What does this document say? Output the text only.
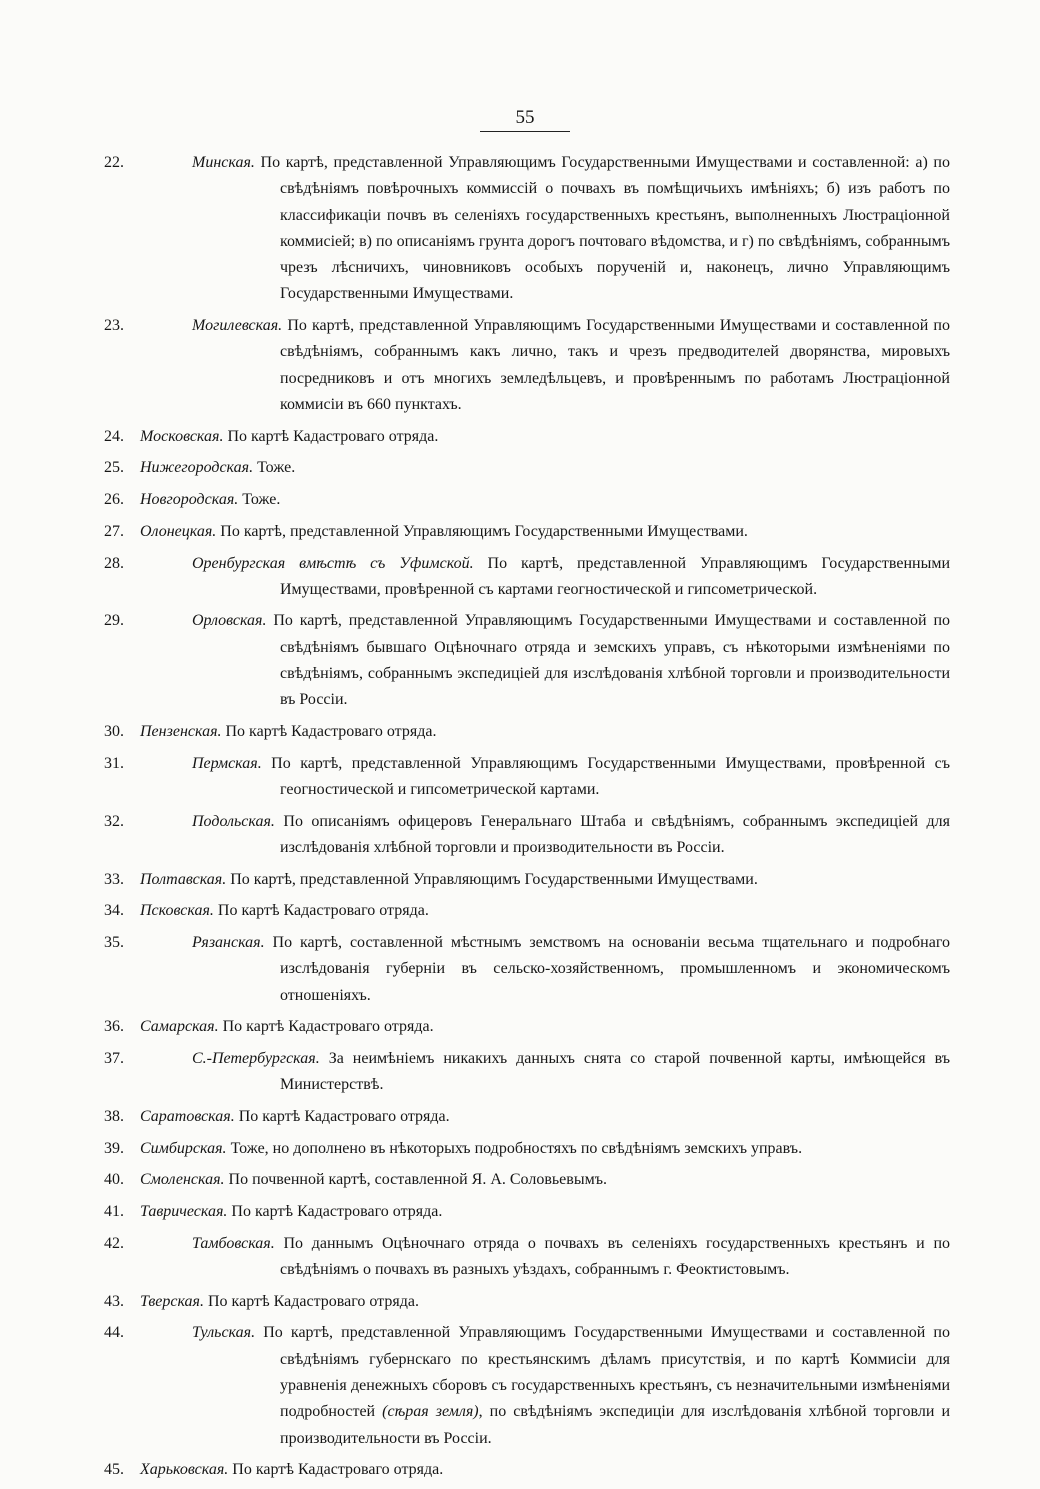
55
22.	Минская. По картѣ, представленной Управляющимъ Государственными Имуществами и составленной: а) по свѣдѣніямъ повѣрочныхъ коммиссій о почвахъ въ помѣщичьихъ имѣніяхъ; б) изъ работъ по классификаціи почвъ въ селеніяхъ государственныхъ крестьянъ, выполненныхъ Люстраціонной коммисіей; в) по описаніямъ грунта дорогъ почтоваго вѣдомства, и г) по свѣдѣніямъ, собраннымъ чрезъ лѣсничихъ, чиновниковъ особыхъ порученій и, наконецъ, лично Управляющимъ Государственными Имуществами.
23.	Могилевская. По картѣ, представленной Управляющимъ Государственными Имуществами и составленной по свѣдѣніямъ, собраннымъ какъ лично, такъ и чрезъ предводителей дворянства, мировыхъ посредниковъ и отъ многихъ земледѣльцевъ, и провѣреннымъ по работамъ Люстраціонной коммисіи въ 660 пунктахъ.
24.	Московская. По картѣ Кадастроваго отряда.
25.	Нижегородская. Тоже.
26.	Новгородская. Тоже.
27.	Олонецкая. По картѣ, представленной Управляющимъ Государственными Имуществами.
28.	Оренбургская вмѣстѣ съ Уфимской. По картѣ, представленной Управляющимъ Государственными Имуществами, провѣренной съ картами геогностической и гипсометрической.
29.	Орловская. По картѣ, представленной Управляющимъ Государственными Имуществами и составленной по свѣдѣніямъ бывшаго Оцѣночнаго отряда и земскихъ управъ, съ нѣкоторыми измѣненіями по свѣдѣніямъ, собраннымъ экспедиціей для изслѣдованія хлѣбной торговли и производительности въ Россіи.
30.	Пензенская. По картѣ Кадастроваго отряда.
31.	Пермская. По картѣ, представленной Управляющимъ Государственными Имуществами, провѣренной съ геогностической и гипсометрической картами.
32.	Подольская. По описаніямъ офицеровъ Генеральнаго Штаба и свѣдѣніямъ, собраннымъ экспедиціей для изслѣдованія хлѣбной торговли и производительности въ Россіи.
33.	Полтавская. По картѣ, представленной Управляющимъ Государственными Имуществами.
34.	Псковская. По картѣ Кадастроваго отряда.
35.	Рязанская. По картѣ, составленной мѣстнымъ земствомъ на основаніи весьма тщательнаго и подробнаго изслѣдованія губерніи въ сельско-хозяйственномъ, промышленномъ и экономическомъ отношеніяхъ.
36.	Самарская. По картѣ Кадастроваго отряда.
37.	С.-Петербургская. За неимѣніемъ никакихъ данныхъ снята со старой почвенной карты, имѣющейся въ Министерствѣ.
38.	Саратовская. По картѣ Кадастроваго отряда.
39.	Симбирская. Тоже, но дополнено въ нѣкоторыхъ подробностяхъ по свѣдѣніямъ земскихъ управъ.
40.	Смоленская. По почвенной картѣ, составленной Я. А. Соловьевымъ.
41.	Таврическая. По картѣ Кадастроваго отряда.
42.	Тамбовская. По даннымъ Оцѣночнаго отряда о почвахъ въ селеніяхъ государственныхъ крестьянъ и по свѣдѣніямъ о почвахъ въ разныхъ уѣздахъ, собраннымъ г. Феоктистовымъ.
43.	Тверская. По картѣ Кадастроваго отряда.
44.	Тульская. По картѣ, представленной Управляющимъ Государственными Имуществами и составленной по свѣдѣніямъ губернскаго по крестьянскимъ дѣламъ присутствія, и по картѣ Коммисіи для уравненія денежныхъ сборовъ съ государственныхъ крестьянъ, съ незначительными измѣненіями подробностей (сѣрая земля), по свѣдѣніямъ экспедиціи для изслѣдованія хлѣбной торговли и производительности въ Россіи.
45.	Харьковская. По картѣ Кадастроваго отряда.
